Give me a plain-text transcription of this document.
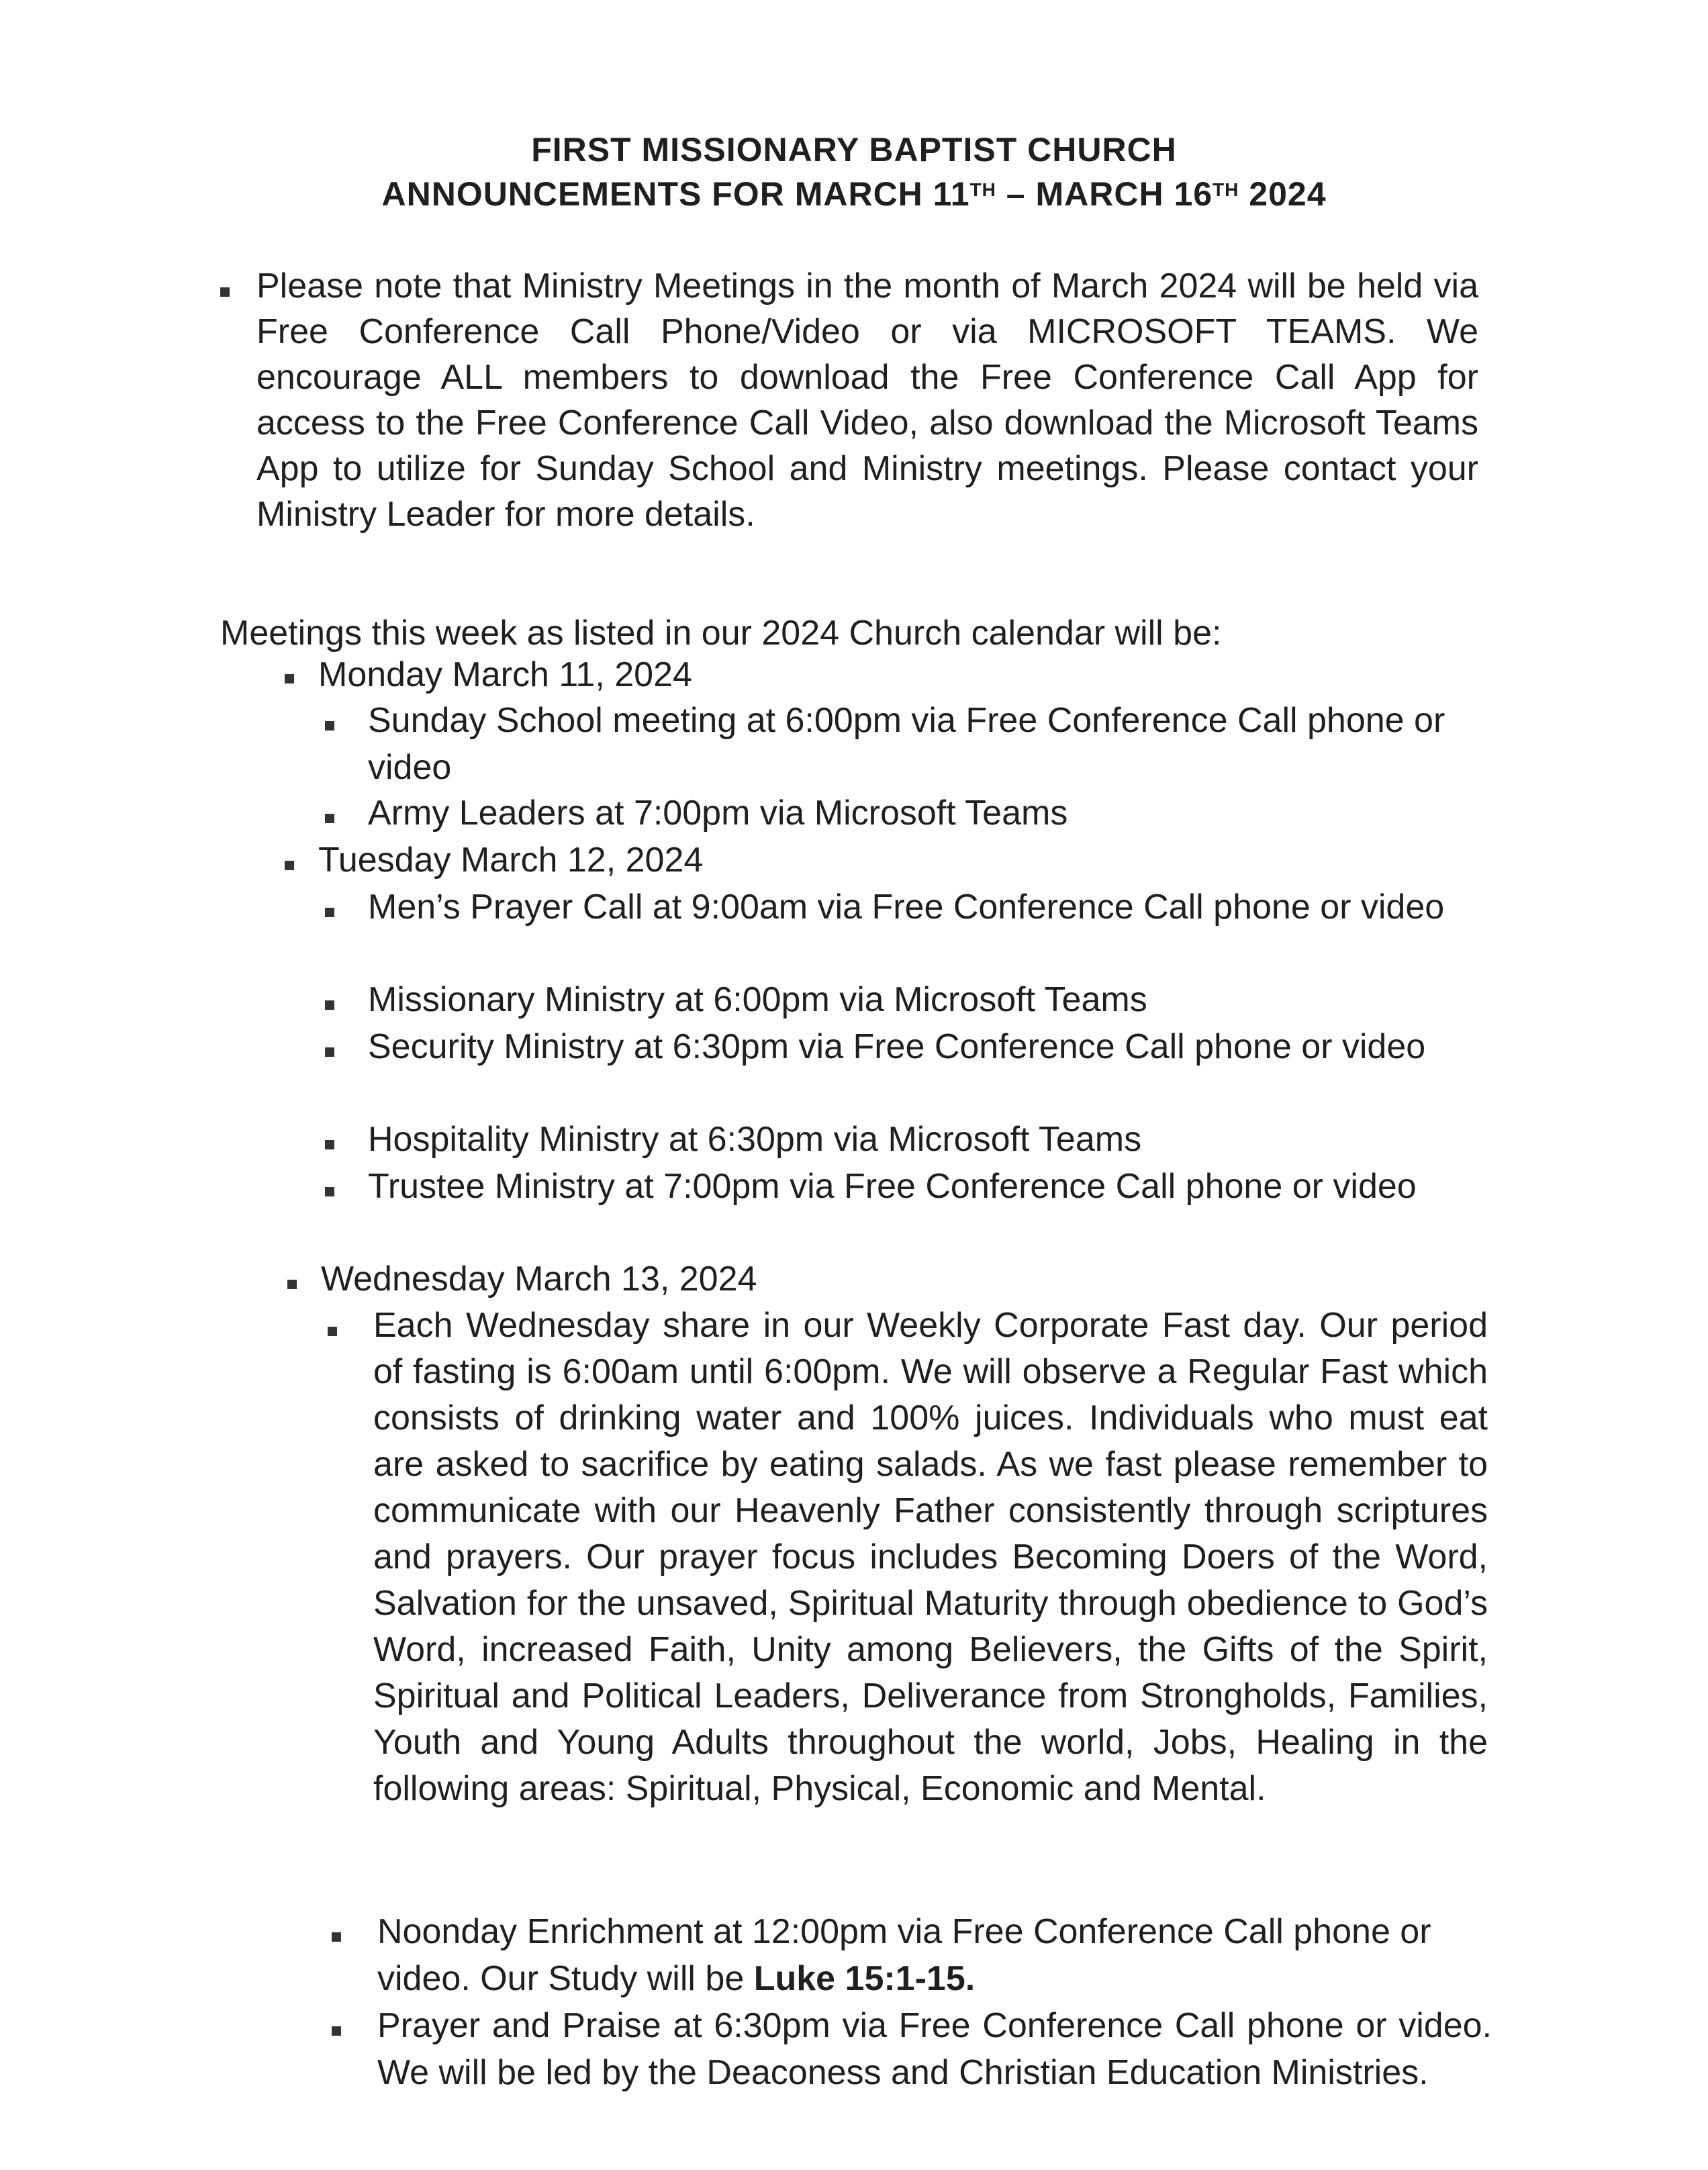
FIRST MISSIONARY BAPTIST CHURCH
ANNOUNCEMENTS FOR MARCH 11TH – MARCH 16TH 2024
Please note that Ministry Meetings in the month of March 2024 will be held via Free Conference Call Phone/Video or via MICROSOFT TEAMS. We encourage ALL members to download the Free Conference Call App for access to the Free Conference Call Video, also download the Microsoft Teams App to utilize for Sunday School and Ministry meetings. Please contact your Ministry Leader for more details.
Meetings this week as listed in our 2024 Church calendar will be:
Monday March 11, 2024
Sunday School meeting at 6:00pm via Free Conference Call phone or video
Army Leaders at 7:00pm via Microsoft Teams
Tuesday March 12, 2024
Men’s Prayer Call at 9:00am via Free Conference Call phone or video
Missionary Ministry at 6:00pm via Microsoft Teams
Security Ministry at 6:30pm via Free Conference Call phone or video
Hospitality Ministry at 6:30pm via Microsoft Teams
Trustee Ministry at 7:00pm via Free Conference Call phone or video
Wednesday March 13, 2024
Each Wednesday share in our Weekly Corporate Fast day. Our period of fasting is 6:00am until 6:00pm. We will observe a Regular Fast which consists of drinking water and 100% juices. Individuals who must eat are asked to sacrifice by eating salads. As we fast please remember to communicate with our Heavenly Father consistently through scriptures and prayers. Our prayer focus includes Becoming Doers of the Word, Salvation for the unsaved, Spiritual Maturity through obedience to God’s Word, increased Faith, Unity among Believers, the Gifts of the Spirit, Spiritual and Political Leaders, Deliverance from Strongholds, Families, Youth and Young Adults throughout the world, Jobs, Healing in the following areas: Spiritual, Physical, Economic and Mental.
Noonday Enrichment at 12:00pm via Free Conference Call phone or video. Our Study will be Luke 15:1-15.
Prayer and Praise at 6:30pm via Free Conference Call phone or video. We will be led by the Deaconess and Christian Education Ministries.
